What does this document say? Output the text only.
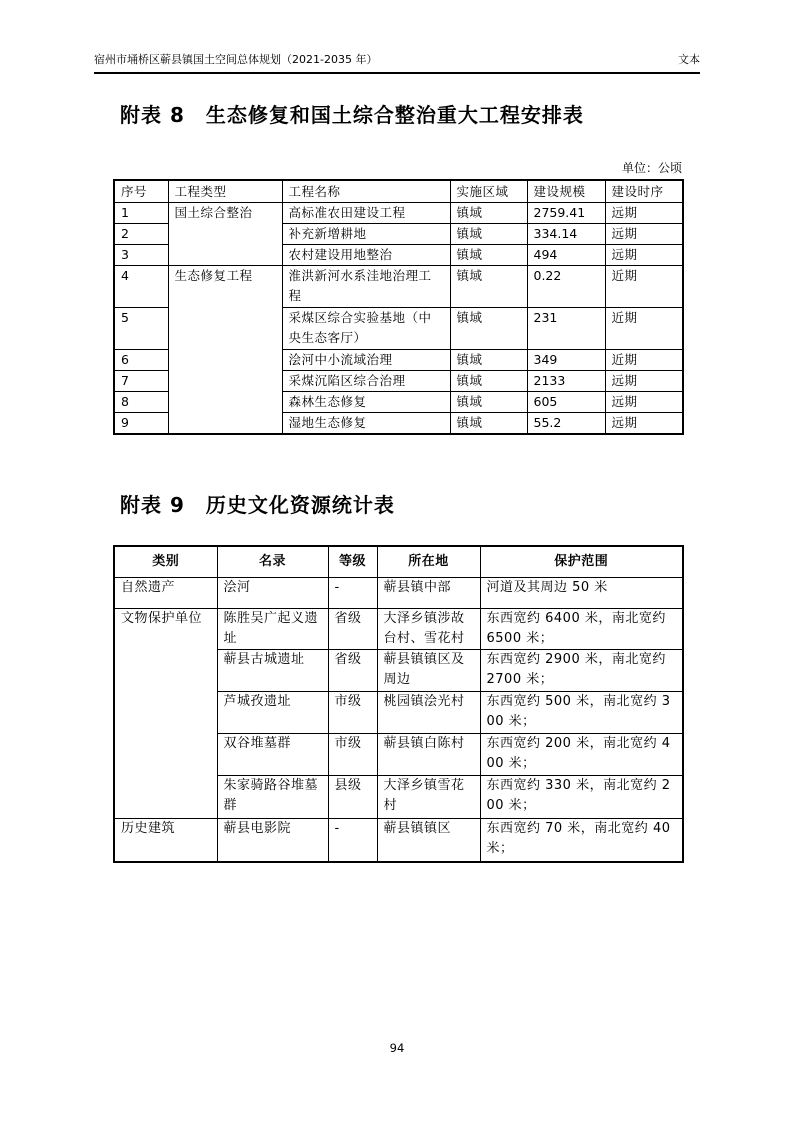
宿州市埇桥区蕲县镇国土空间总体规划（2021-2035 年）	文本
附表 8　生态修复和国土综合整治重大工程安排表
单位：公顷
序号	工程类型	工程名称	实施区域	建设规模	建设时序
1	国土综合整治	高标准农田建设工程	镇域	2759.41	远期
2		补充新增耕地	镇域	334.14	远期
3		农村建设用地整治	镇域	494	远期
4	生态修复工程	淮洪新河水系洼地治理工程	镇域	0.22	近期
5		采煤区综合实验基地（中央生态客厅）	镇域	231	近期
6		浍河中小流域治理	镇域	349	近期
7		采煤沉陷区综合治理	镇域	2133	远期
8		森林生态修复	镇域	605	远期
9		湿地生态修复	镇域	55.2	远期
附表 9　历史文化资源统计表
类别	名录	等级	所在地	保护范围
自然遗产	浍河	-	蕲县镇中部	河道及其周边 50 米
文物保护单位	陈胜吴广起义遗址	省级	大泽乡镇涉故台村、雪花村	东西宽约 6400 米，南北宽约 6500 米；
	蕲县古城遗址	省级	蕲县镇镇区及周边	东西宽约 2900 米，南北宽约 2700 米；
	芦城孜遗址	市级	桃园镇浍光村	东西宽约 500 米，南北宽约 300 米；
	双谷堆墓群	市级	蕲县镇白陈村	东西宽约 200 米，南北宽约 400 米；
	朱家骑路谷堆墓群	县级	大泽乡镇雪花村	东西宽约 330 米，南北宽约 200 米；
历史建筑	蕲县电影院	-	蕲县镇镇区	东西宽约 70 米，南北宽约 40 米；
94
